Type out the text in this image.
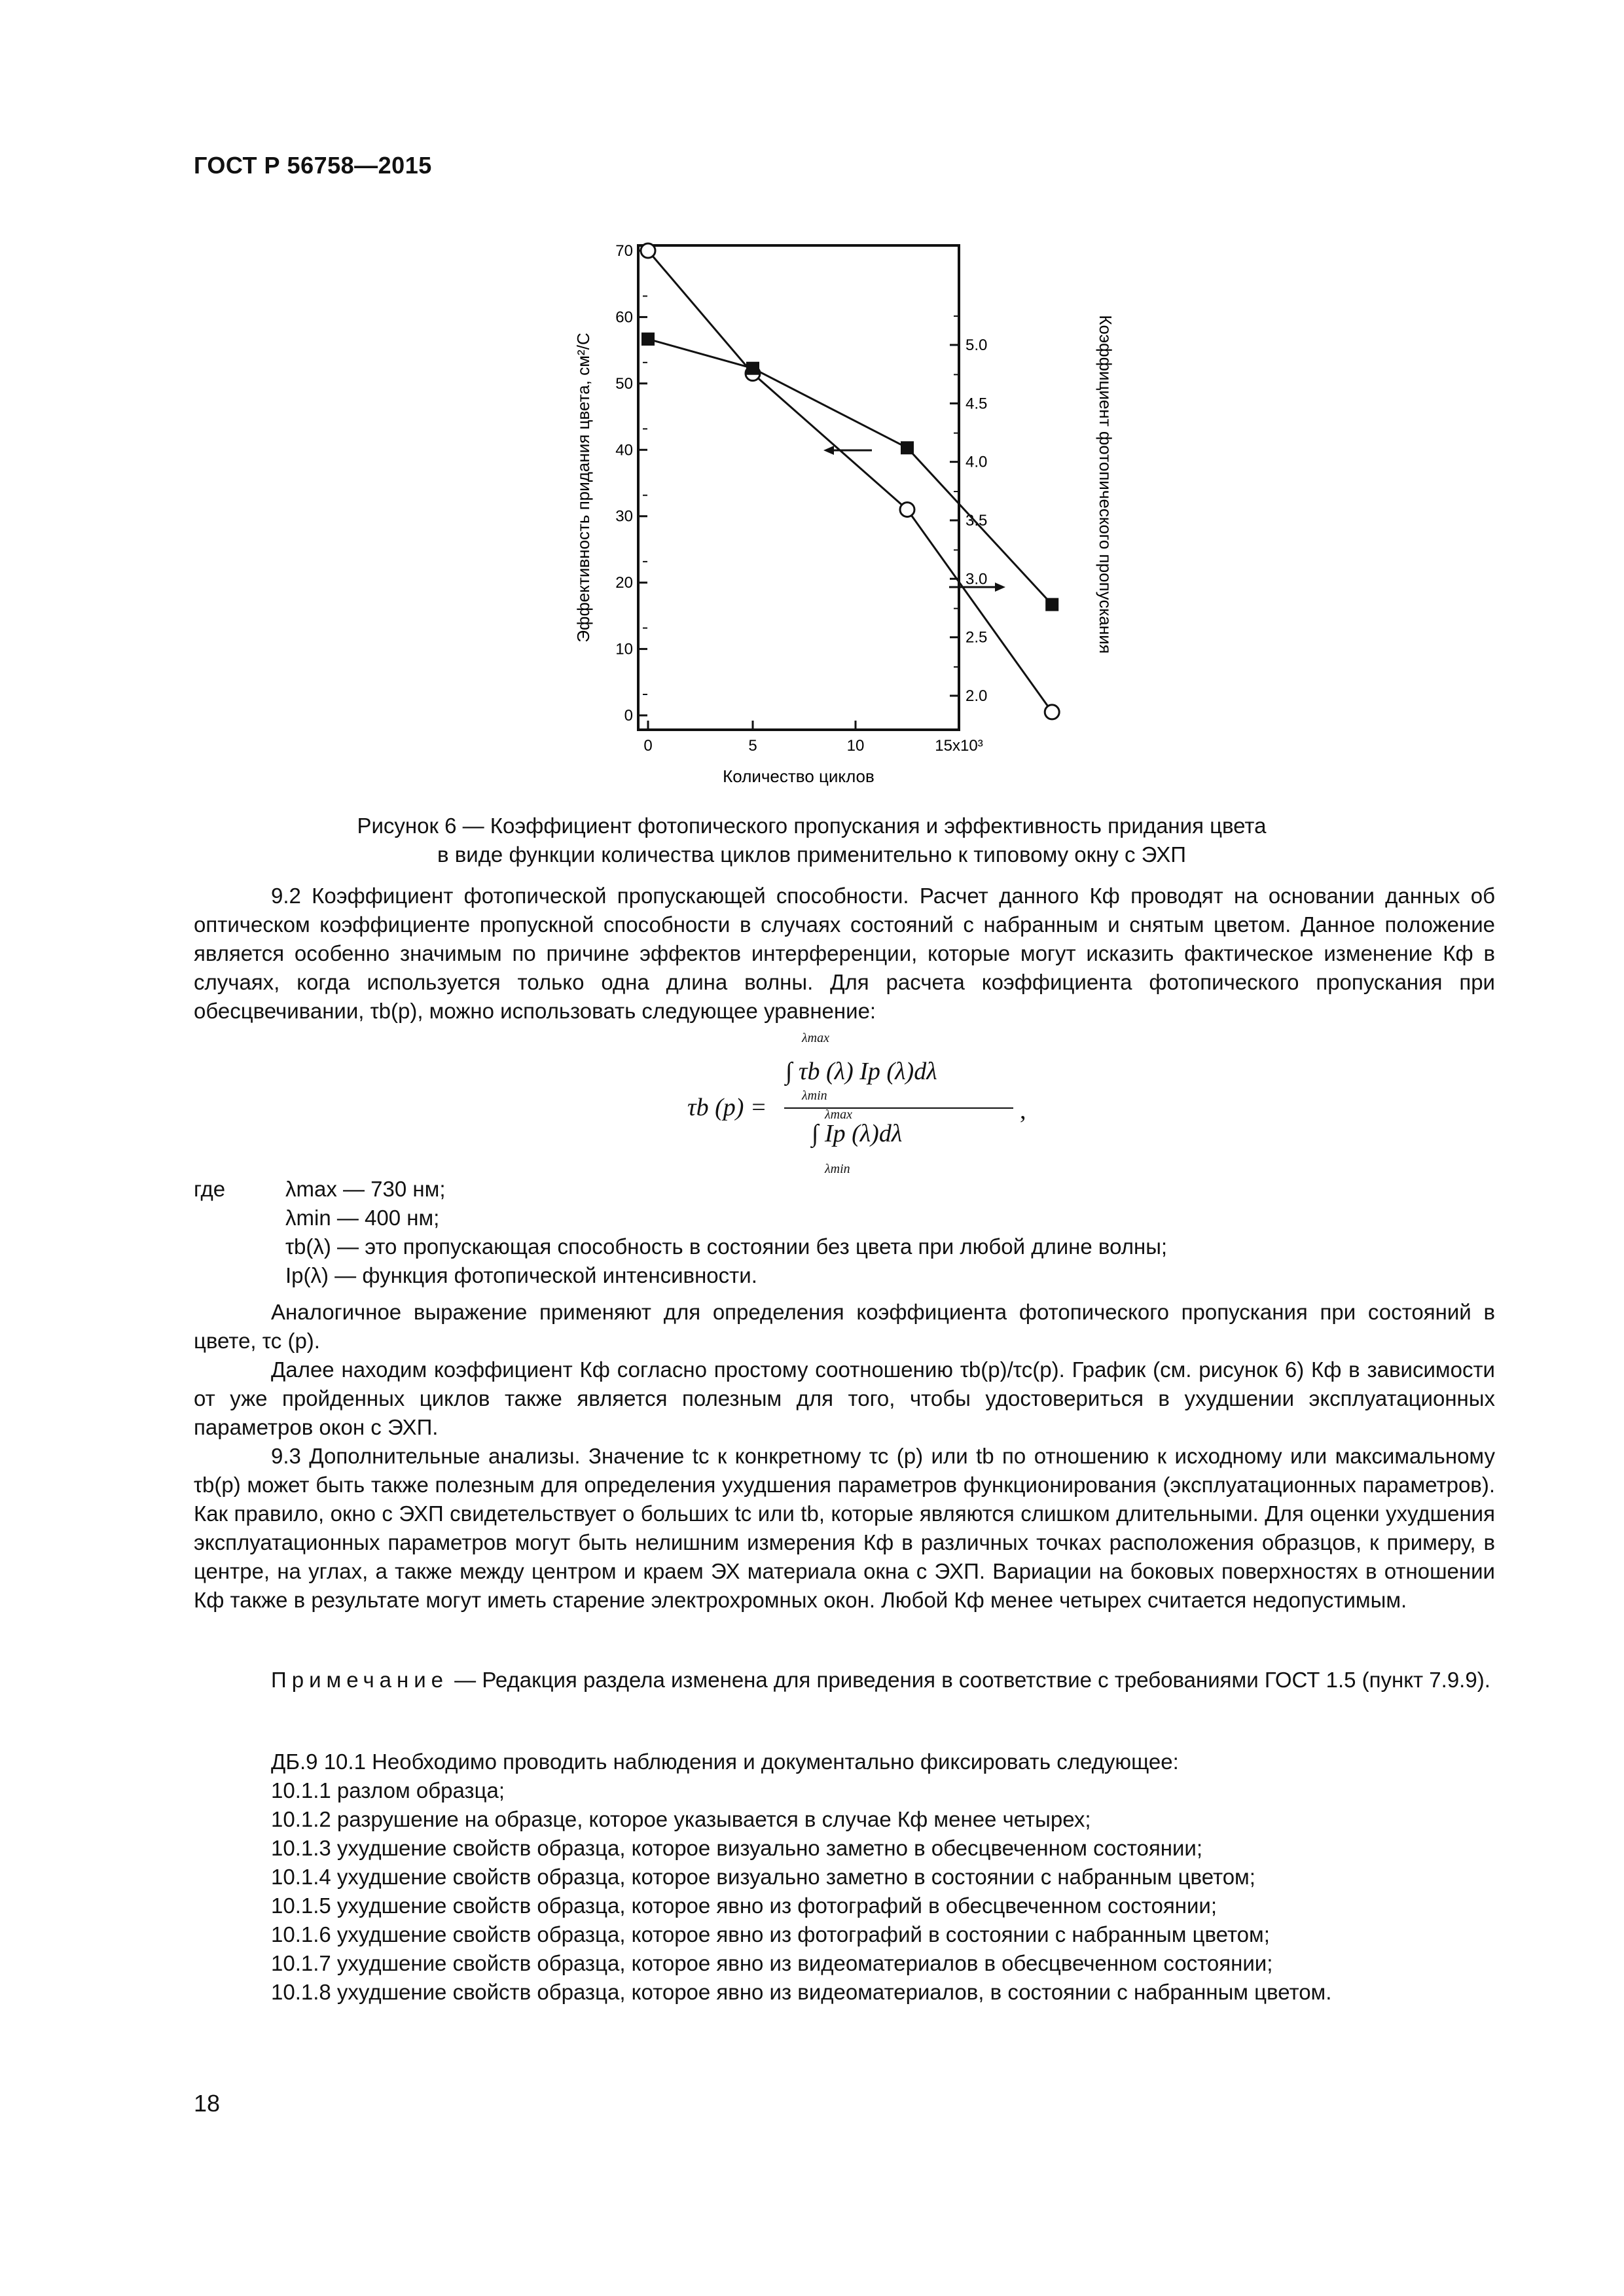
ГОСТ Р 56758—2015
0
10
20
30
40
50
60
70
2.0
2.5
3.0
3.5
4.0
4.5
5.0
0	5	10	15x10³
Эффективность придания цвета, см²/С	Коэффициент фотопического пропускания
Количество циклов
Рисунок 6 — Коэффициент фотопического пропускания и эффективность придания цвета
в виде функции количества циклов применительно к типовому окну с ЭХП

9.2 Коэффициент фотопической пропускающей способности. Расчет данного Кф проводят на основании данных об оптическом коэффициенте пропускной способности в случаях состояний с набранным и снятым цветом. Данное положение является особенно значимым по причине эффектов интерференции, которые могут исказить фактическое изменение Кф в случаях, когда используется только одна длина волны. Для расчета коэффициента фотопического пропускания при обесцвечивании, τb(p), можно использовать следующее уравнение:

λmax
∫ τb (λ) Ip (λ)dλ
λmin
τb (p) =	λmax
∫ Ip (λ)dλ
λmin
,
где	λmax — 730 нм;
λmin — 400 нм;
τb(λ) — это пропускающая способность в состоянии без цвета при любой длине волны;
Ip(λ) — функция фотопической интенсивности.

Аналогичное выражение применяют для определения коэффициента фотопического пропускания при состояний в цвете, τc (p).

Далее находим коэффициент Кф согласно простому соотношению τb(p)/τc(p). График (см. рисунок 6) Кф в зависимости от уже пройденных циклов также является полезным для того, чтобы удостовериться в ухудшении эксплуатационных параметров окон с ЭХП.

9.3 Дополнительные анализы. Значение tc к конкретному τc (p) или tb по отношению к исходному или максимальному τb(p) может быть также полезным для определения ухудшения параметров функционирования (эксплуатационных параметров). Как правило, окно с ЭХП свидетельствует о больших tc или tb, которые являются слишком длительными. Для оценки ухудшения эксплуатационных параметров могут быть нелишним измерения Кф в различных точках расположения образцов, к примеру, в центре, на углах, а также между центром и краем ЭХ материала окна с ЭХП. Вариации на боковых поверхностях в отношении Кф также в результате могут иметь старение электрохромных окон. Любой Кф менее четырех считается недопустимым.

Примечание — Редакция раздела изменена для приведения в соответствие с требованиями ГОСТ 1.5 (пункт 7.9.9).
ДБ.9 10.1 Необходимо проводить наблюдения и документально фиксировать следующее:
10.1.1 разлом образца;
10.1.2 разрушение на образце, которое указывается в случае Кф менее четырех;
10.1.3 ухудшение свойств образца, которое визуально заметно в обесцвеченном состоянии;
10.1.4 ухудшение свойств образца, которое визуально заметно в состоянии с набранным цветом;
10.1.5 ухудшение свойств образца, которое явно из фотографий в обесцвеченном состоянии;
10.1.6 ухудшение свойств образца, которое явно из фотографий в состоянии с набранным цветом;
10.1.7 ухудшение свойств образца, которое явно из видеоматериалов в обесцвеченном состоянии;
10.1.8 ухудшение свойств образца, которое явно из видеоматериалов, в состоянии с набранным цветом.
18
